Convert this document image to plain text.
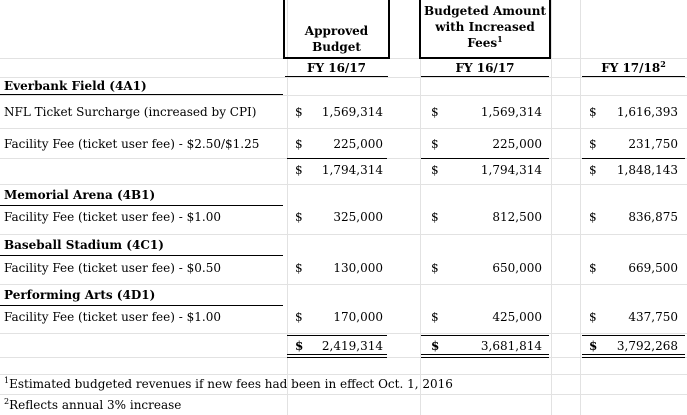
Approved Budget
Budgeted Amount with Increased Fees$^1$
FY 16/17	FY 16/17	FY $17/18^2$
Everbank Field (4A1)
NFL Ticket Surcharge (increased by CPI)	$	1,569,314	$	1,569,314	$	1,616,393
Facility Fee (ticket user fee) - $2.50/$1.25	$	225,000	$	225,000	$	231,750
$	1,794,314	$	1,794,314	$	1,848,143
Memorial Arena (4B1)
Facility Fee (ticket user fee) - $1.00	$	325,000	$	812,500	$	836,875
Baseball Stadium (4C1)
Facility Fee (ticket user fee) - $0.50	$	130,000	$	650,000	$	669,500
Performing Arts (4D1)
Facility Fee (ticket user fee) - $1.00	$	170,000	$	425,000	$	437,750
$	2,419,314	$	3,681,814	$	3,792,268
$^1$Estimated budgeted revenues if new fees had been in effect Oct. 1, 2016
$^2$Reflects annual 3% increase
